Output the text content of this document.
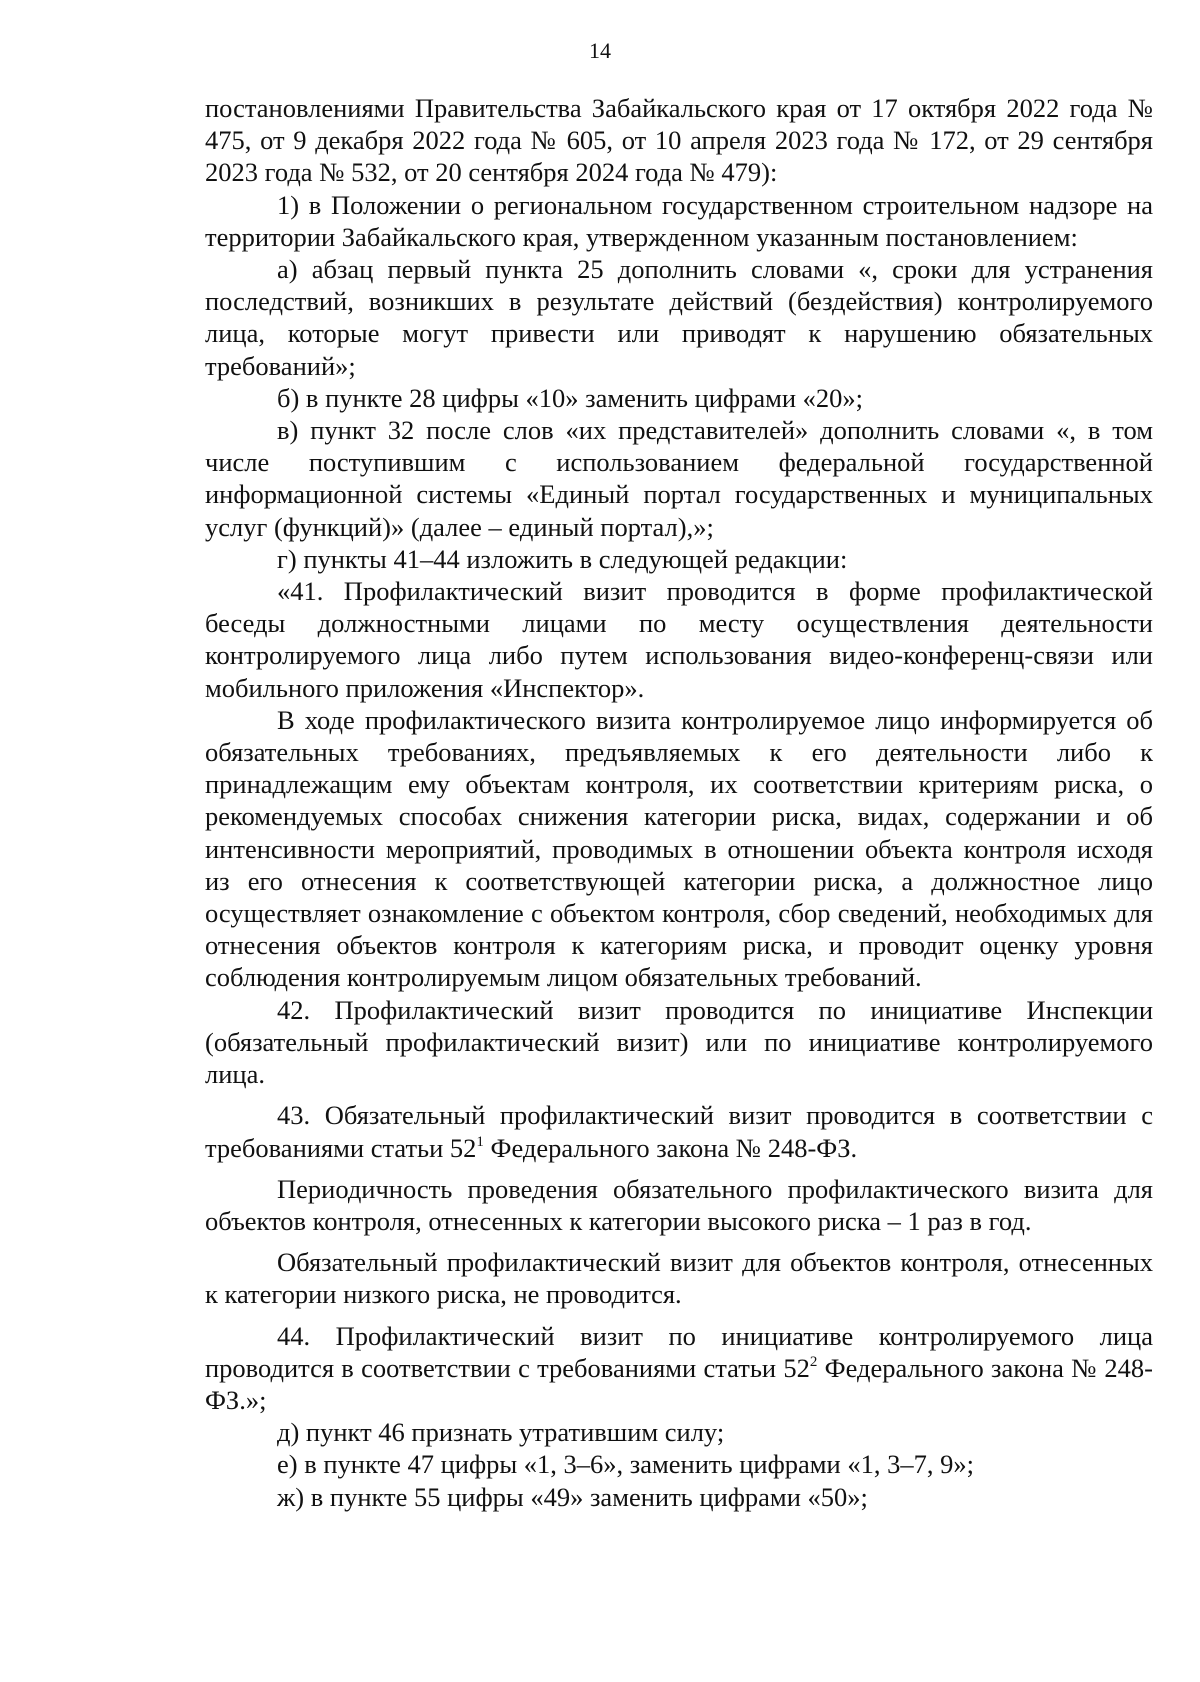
14

постановлениями Правительства Забайкальского края от 17 октября 2022 года № 475, от 9 декабря 2022 года № 605, от 10 апреля 2023 года № 172, от 29 сентября 2023 года № 532, от 20 сентября 2024 года № 479):

1) в Положении о региональном государственном строительном надзоре на территории Забайкальского края, утвержденном указанным постановлением:

а) абзац первый пункта 25 дополнить словами «, сроки для устранения последствий, возникших в результате действий (бездействия) контролируемого лица, которые могут привести или приводят к нарушению обязательных требований»;

б) в пункте 28 цифры «10» заменить цифрами «20»;

в) пункт 32 после слов «их представителей» дополнить словами «, в том числе поступившим с использованием федеральной государственной информационной системы «Единый портал государственных и муниципальных услуг (функций)» (далее – единый портал),»;

г) пункты 41–44 изложить в следующей редакции:

«41. Профилактический визит проводится в форме профилактической беседы должностными лицами по месту осуществления деятельности контролируемого лица либо путем использования видео-конференц-связи или мобильного приложения «Инспектор».

В ходе профилактического визита контролируемое лицо информируется об обязательных требованиях, предъявляемых к его деятельности либо к принадлежащим ему объектам контроля, их соответствии критериям риска, о рекомендуемых способах снижения категории риска, видах, содержании и об интенсивности мероприятий, проводимых в отношении объекта контроля исходя из его отнесения к соответствующей категории риска, а должностное лицо осуществляет ознакомление с объектом контроля, сбор сведений, необходимых для отнесения объектов контроля к категориям риска, и проводит оценку уровня соблюдения контролируемым лицом обязательных требований.

42. Профилактический визит проводится по инициативе Инспекции (обязательный профилактический визит) или по инициативе контролируемого лица.

43. Обязательный профилактический визит проводится в соответствии с требованиями статьи $52^1$ Федерального закона № 248-ФЗ.

Периодичность проведения обязательного профилактического визита для объектов контроля, отнесенных к категории высокого риска – 1 раз в год.

Обязательный профилактический визит для объектов контроля, отнесенных к категории низкого риска, не проводится.

44. Профилактический визит по инициативе контролируемого лица проводится в соответствии с требованиями статьи $52^2$ Федерального закона № 248-ФЗ.»;

д) пункт 46 признать утратившим силу;

е) в пункте 47 цифры «1, 3–6», заменить цифрами «1, 3–7, 9»;

ж) в пункте 55 цифры «49» заменить цифрами «50»;
